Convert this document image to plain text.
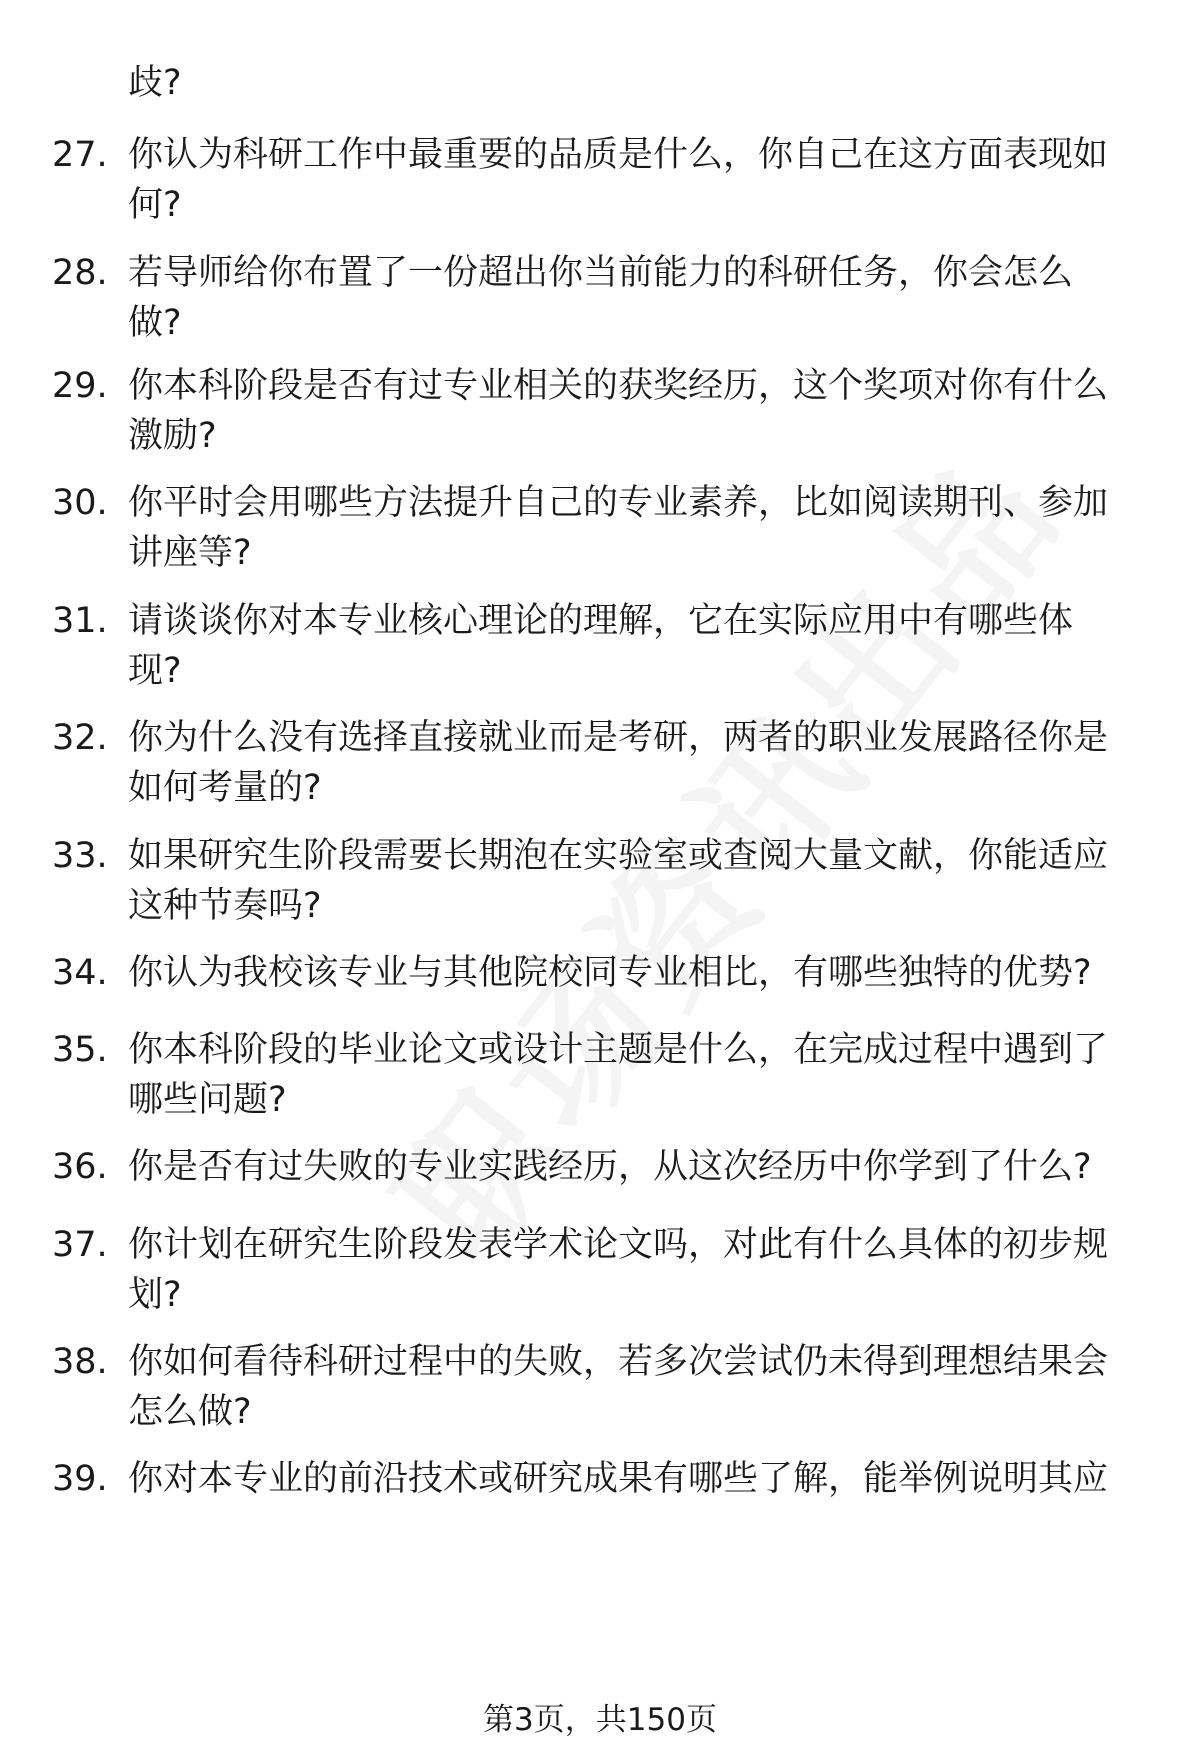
歧?
27. 你认为科研工作中最重要的品质是什么，你自己在这方面表现如
何?
28. 若导师给你布置了一份超出你当前能力的科研任务，你会怎么
做?
29. 你本科阶段是否有过专业相关的获奖经历，这个奖项对你有什么
激励?
30. 你平时会用哪些方法提升自己的专业素养，比如阅读期刊、参加
讲座等?
31. 请谈谈你对本专业核心理论的理解，它在实际应用中有哪些体
现?
32. 你为什么没有选择直接就业而是考研，两者的职业发展路径你是
如何考量的?
33. 如果研究生阶段需要长期泡在实验室或查阅大量文献，你能适应
这种节奏吗?
34. 你认为我校该专业与其他院校同专业相比，有哪些独特的优势?
35. 你本科阶段的毕业论文或设计主题是什么，在完成过程中遇到了
哪些问题?
36. 你是否有过失败的专业实践经历，从这次经历中你学到了什么?
37. 你计划在研究生阶段发表学术论文吗，对此有什么具体的初步规
划?
38. 你如何看待科研过程中的失败，若多次尝试仍未得到理想结果会
怎么做?
39. 你对本专业的前沿技术或研究成果有哪些了解，能举例说明其应
第3页，共150页
